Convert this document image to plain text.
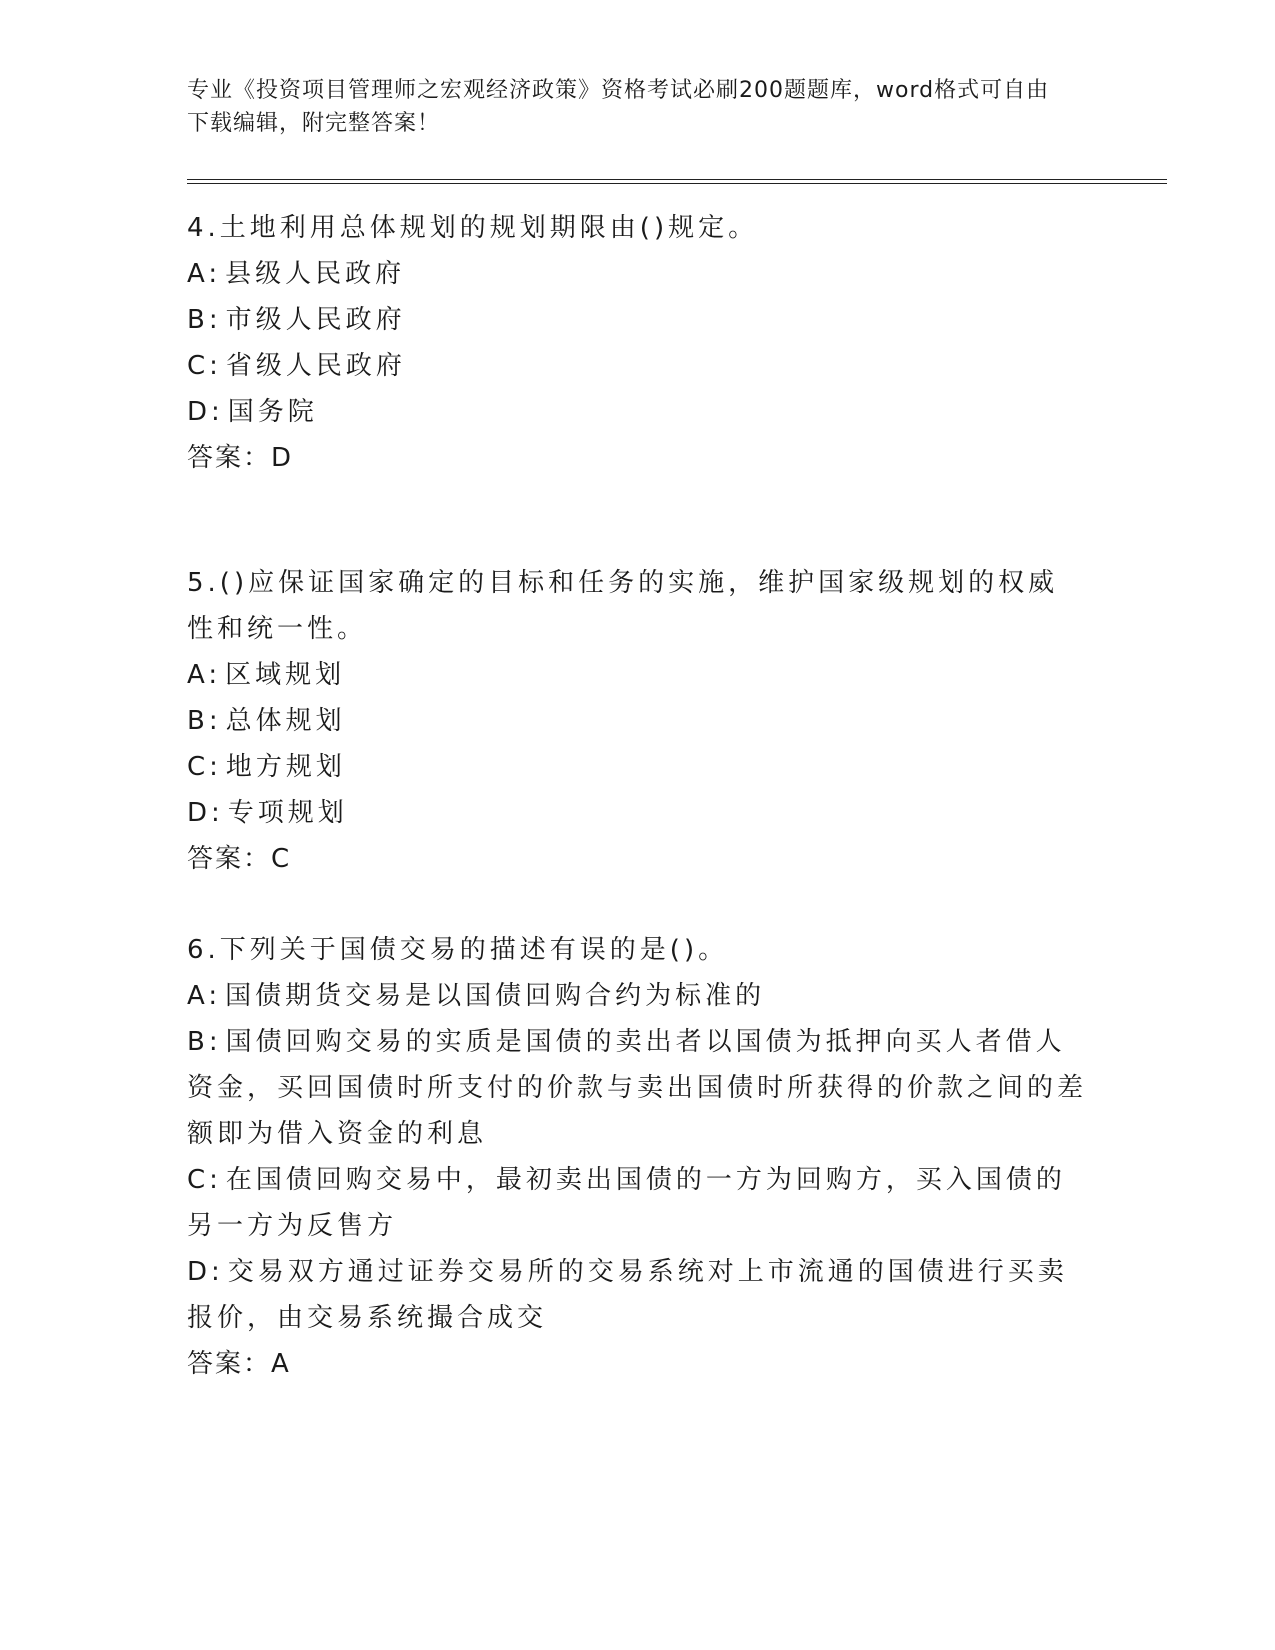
专业《投资项目管理师之宏观经济政策》资格考试必刷200题题库，word格式可自由下载编辑，附完整答案！
4.土地利用总体规划的规划期限由()规定。
A: 县级人民政府
B: 市级人民政府
C: 省级人民政府
D: 国务院
答案：D
5.()应保证国家确定的目标和任务的实施，维护国家级规划的权威性和统一性。
A: 区域规划
B: 总体规划
C: 地方规划
D: 专项规划
答案：C
6.下列关于国债交易的描述有误的是()。
A: 国债期货交易是以国债回购合约为标准的
B: 国债回购交易的实质是国债的卖出者以国债为抵押向买人者借人资金，买回国债时所支付的价款与卖出国债时所获得的价款之间的差额即为借入资金的利息
C: 在国债回购交易中，最初卖出国债的一方为回购方，买入国债的另一方为反售方
D: 交易双方通过证券交易所的交易系统对上市流通的国债进行买卖报价，由交易系统撮合成交
答案：A
